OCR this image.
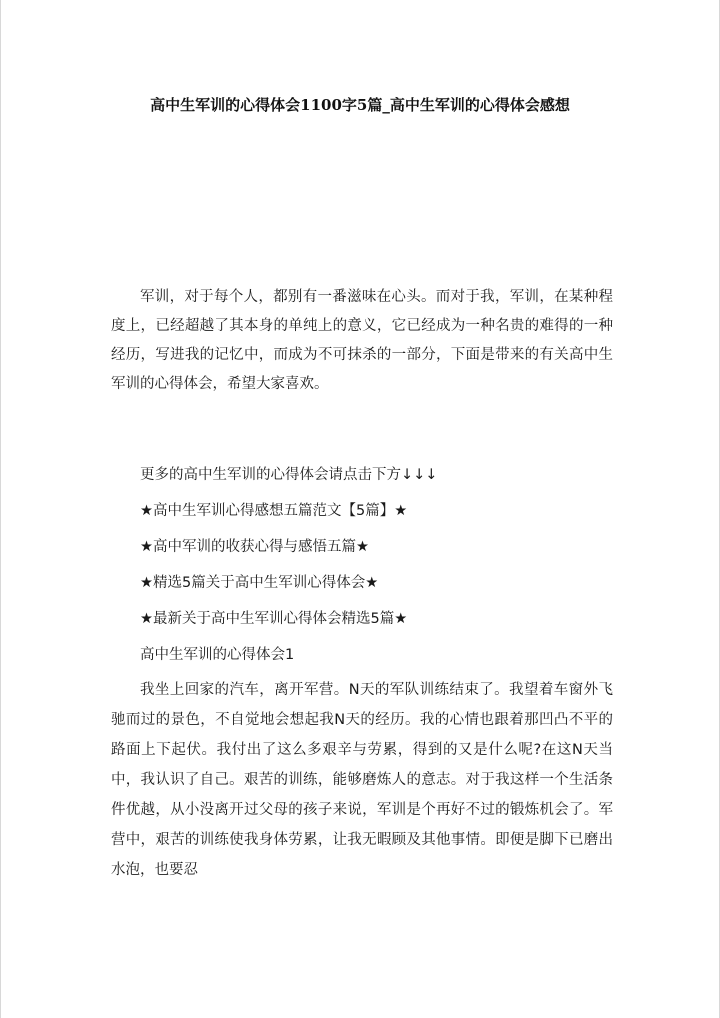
高中生军训的心得体会1100字5篇_高中生军训的心得体会感想

军训，对于每个人，都别有一番滋味在心头。而对于我，军训，在某种程度上，已经超越了其本身的单纯上的意义，它已经成为一种名贵的难得的一种经历，写进我的记忆中，而成为不可抹杀的一部分，下面是带来的有关高中生军训的心得体会，希望大家喜欢。

更多的高中生军训的心得体会请点击下方↓↓↓

★高中生军训心得感想五篇范文【5篇】★

★高中军训的收获心得与感悟五篇★

★精选5篇关于高中生军训心得体会★

★最新关于高中生军训心得体会精选5篇★

高中生军训的心得体会1

我坐上回家的汽车，离开军营。N天的军队训练结束了。我望着车窗外飞驰而过的景色，不自觉地会想起我N天的经历。我的心情也跟着那凹凸不平的路面上下起伏。我付出了这么多艰辛与劳累，得到的又是什么呢?在这N天当中，我认识了自己。艰苦的训练，能够磨炼人的意志。对于我这样一个生活条件优越，从小没离开过父母的孩子来说，军训是个再好不过的锻炼机会了。军营中，艰苦的训练使我身体劳累，让我无暇顾及其他事情。即便是脚下已磨出水泡，也要忍
